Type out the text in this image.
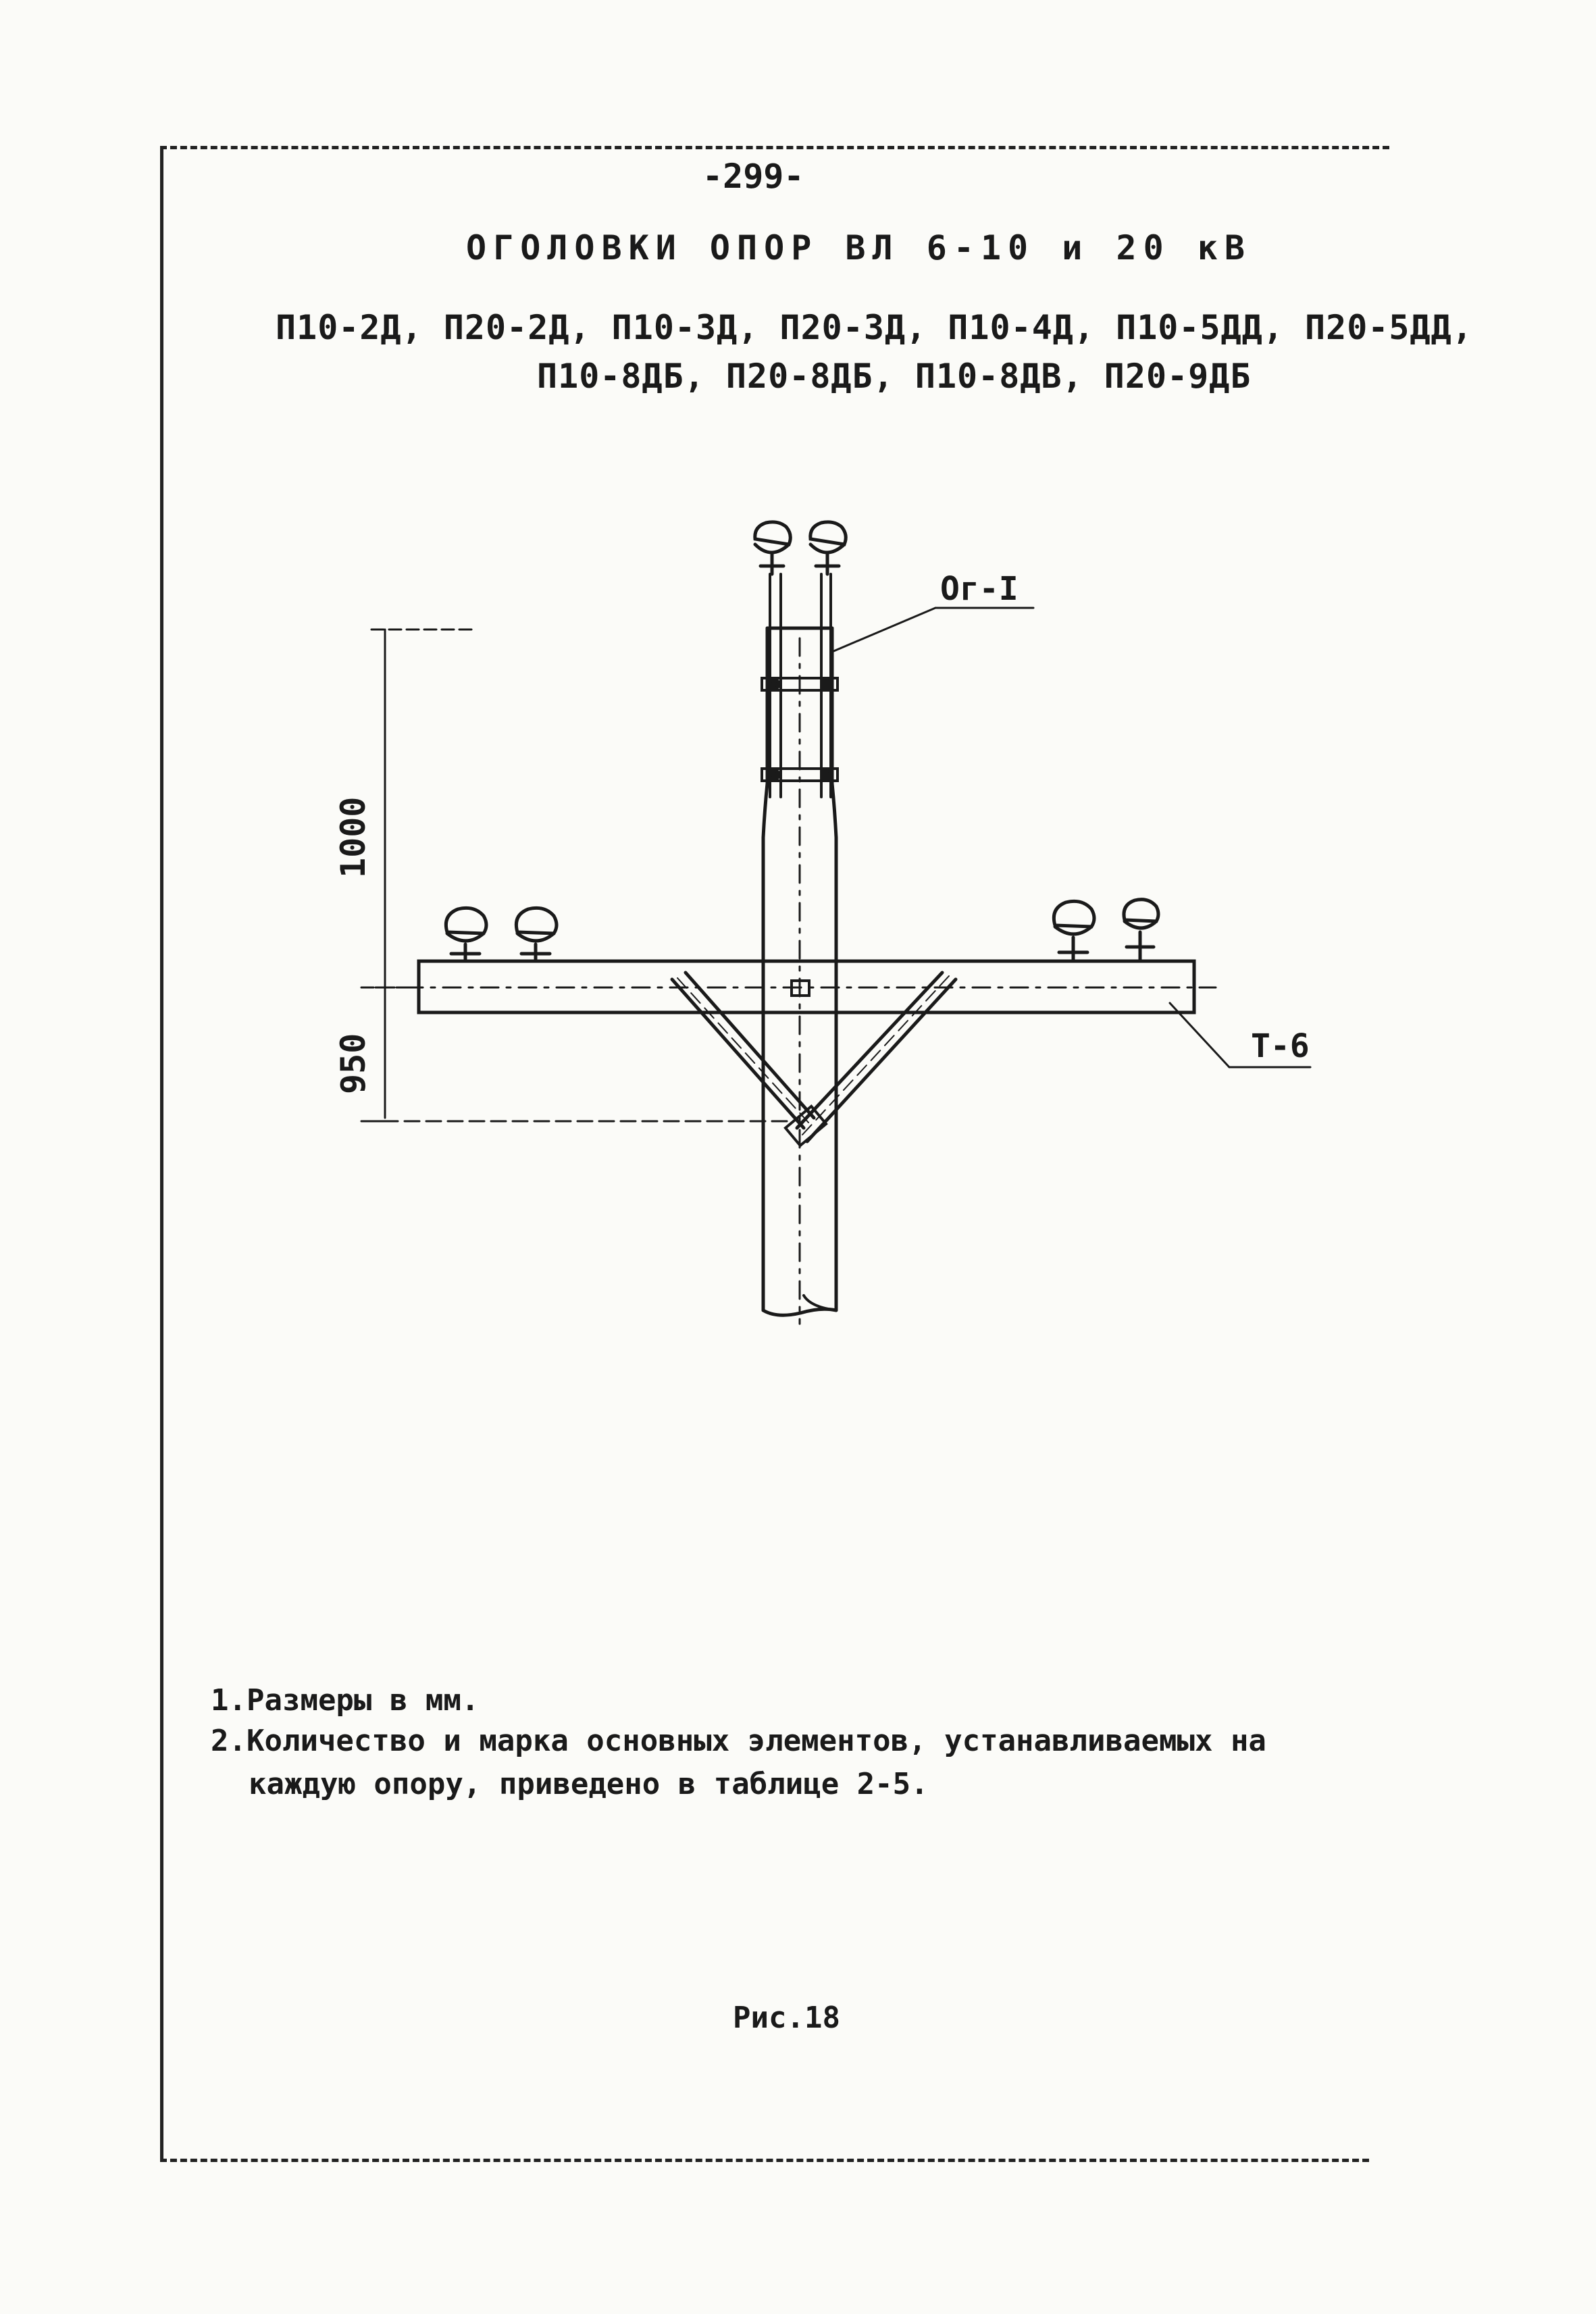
-299-
ОГОЛОВКИ ОПОР ВЛ 6-10 и 20 кВ
П10-2Д, П20-2Д, П10-3Д, П20-3Д, П10-4Д, П10-5ДД, П20-5ДД,
П10-8ДБ, П20-8ДБ, П10-8ДВ, П20-9ДБ
Ог-I
Т-6
1000
950
1.Размеры в мм.
2.Количество и марка основных элементов, устанавливаемых на
каждую опору, приведено в таблице 2-5.
Рис.18
